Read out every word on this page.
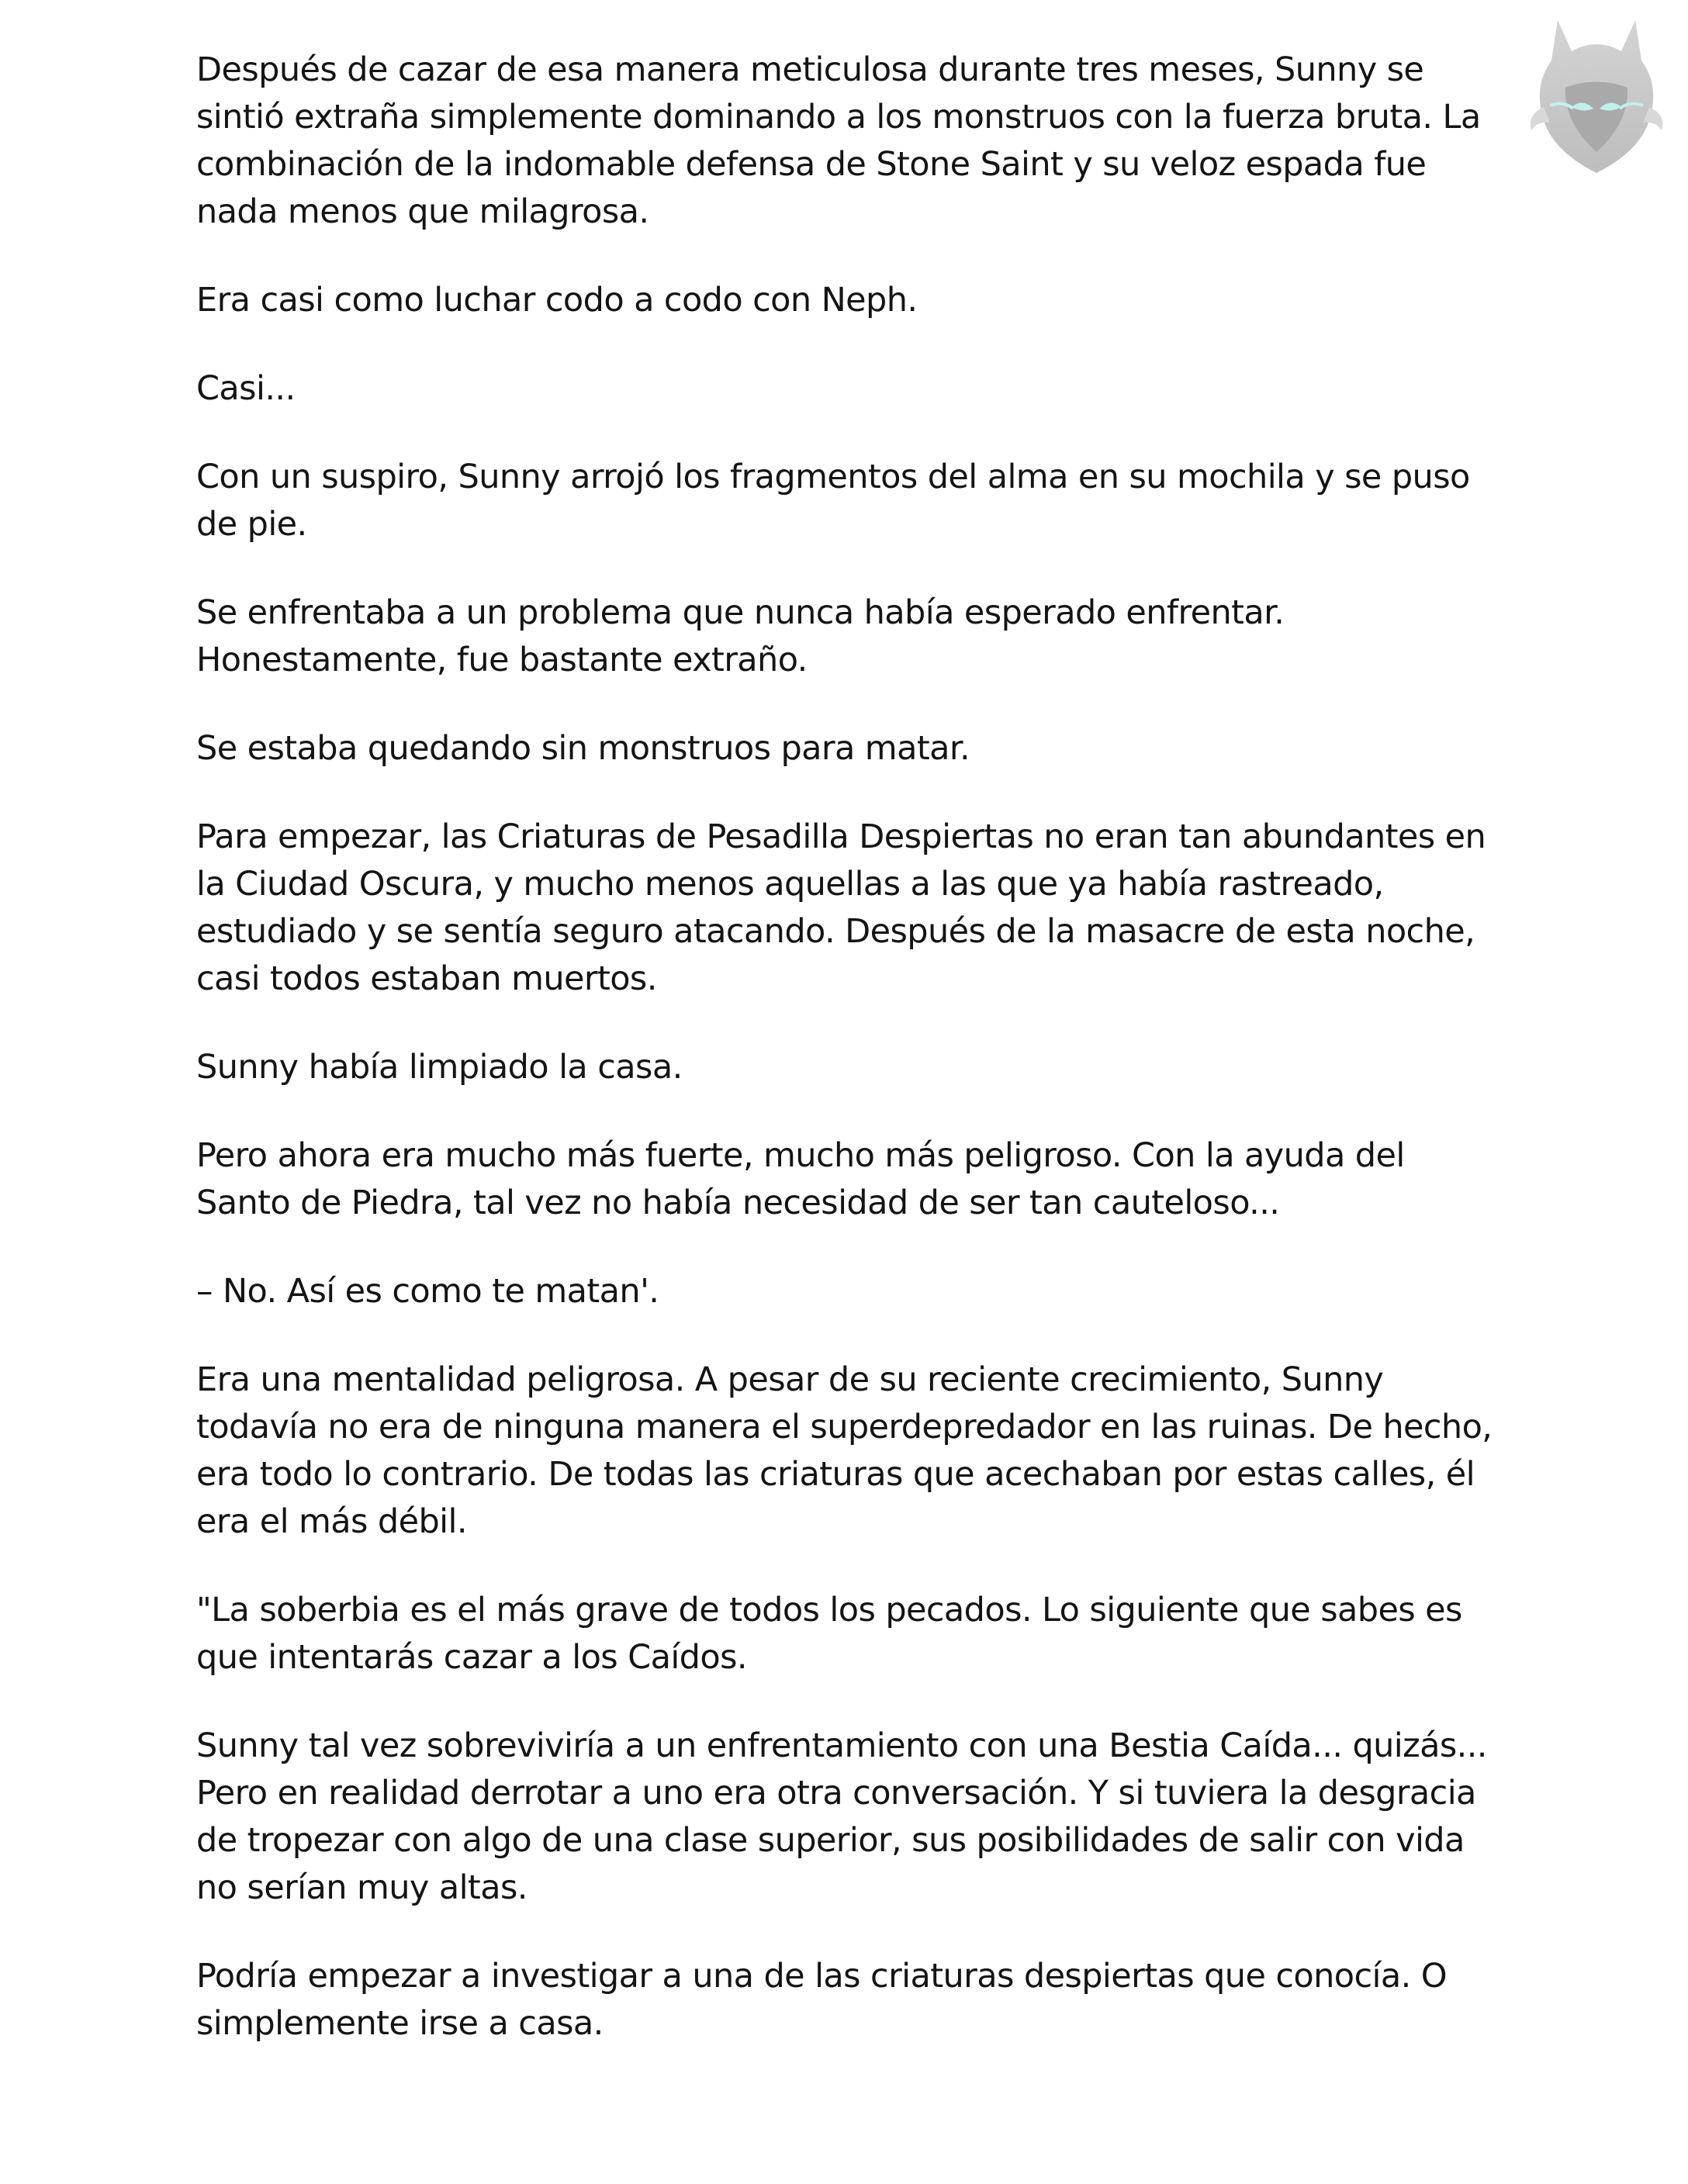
Después de cazar de esa manera meticulosa durante tres meses, Sunny se sintió extraña simplemente dominando a los monstruos con la fuerza bruta. La combinación de la indomable defensa de Stone Saint y su veloz espada fue nada menos que milagrosa.

Era casi como luchar codo a codo con Neph.

Casi...

Con un suspiro, Sunny arrojó los fragmentos del alma en su mochila y se puso de pie.

Se enfrentaba a un problema que nunca había esperado enfrentar. Honestamente, fue bastante extraño.

Se estaba quedando sin monstruos para matar.

Para empezar, las Criaturas de Pesadilla Despiertas no eran tan abundantes en la Ciudad Oscura, y mucho menos aquellas a las que ya había rastreado, estudiado y se sentía seguro atacando. Después de la masacre de esta noche, casi todos estaban muertos.

Sunny había limpiado la casa.

Pero ahora era mucho más fuerte, mucho más peligroso. Con la ayuda del Santo de Piedra, tal vez no había necesidad de ser tan cauteloso...

– No. Así es como te matan'.

Era una mentalidad peligrosa. A pesar de su reciente crecimiento, Sunny todavía no era de ninguna manera el superdepredador en las ruinas. De hecho, era todo lo contrario. De todas las criaturas que acechaban por estas calles, él era el más débil.

"La soberbia es el más grave de todos los pecados. Lo siguiente que sabes es que intentarás cazar a los Caídos.

Sunny tal vez sobreviviría a un enfrentamiento con una Bestia Caída... quizás... Pero en realidad derrotar a uno era otra conversación. Y si tuviera la desgracia de tropezar con algo de una clase superior, sus posibilidades de salir con vida no serían muy altas.

Podría empezar a investigar a una de las criaturas despiertas que conocía. O simplemente irse a casa.
